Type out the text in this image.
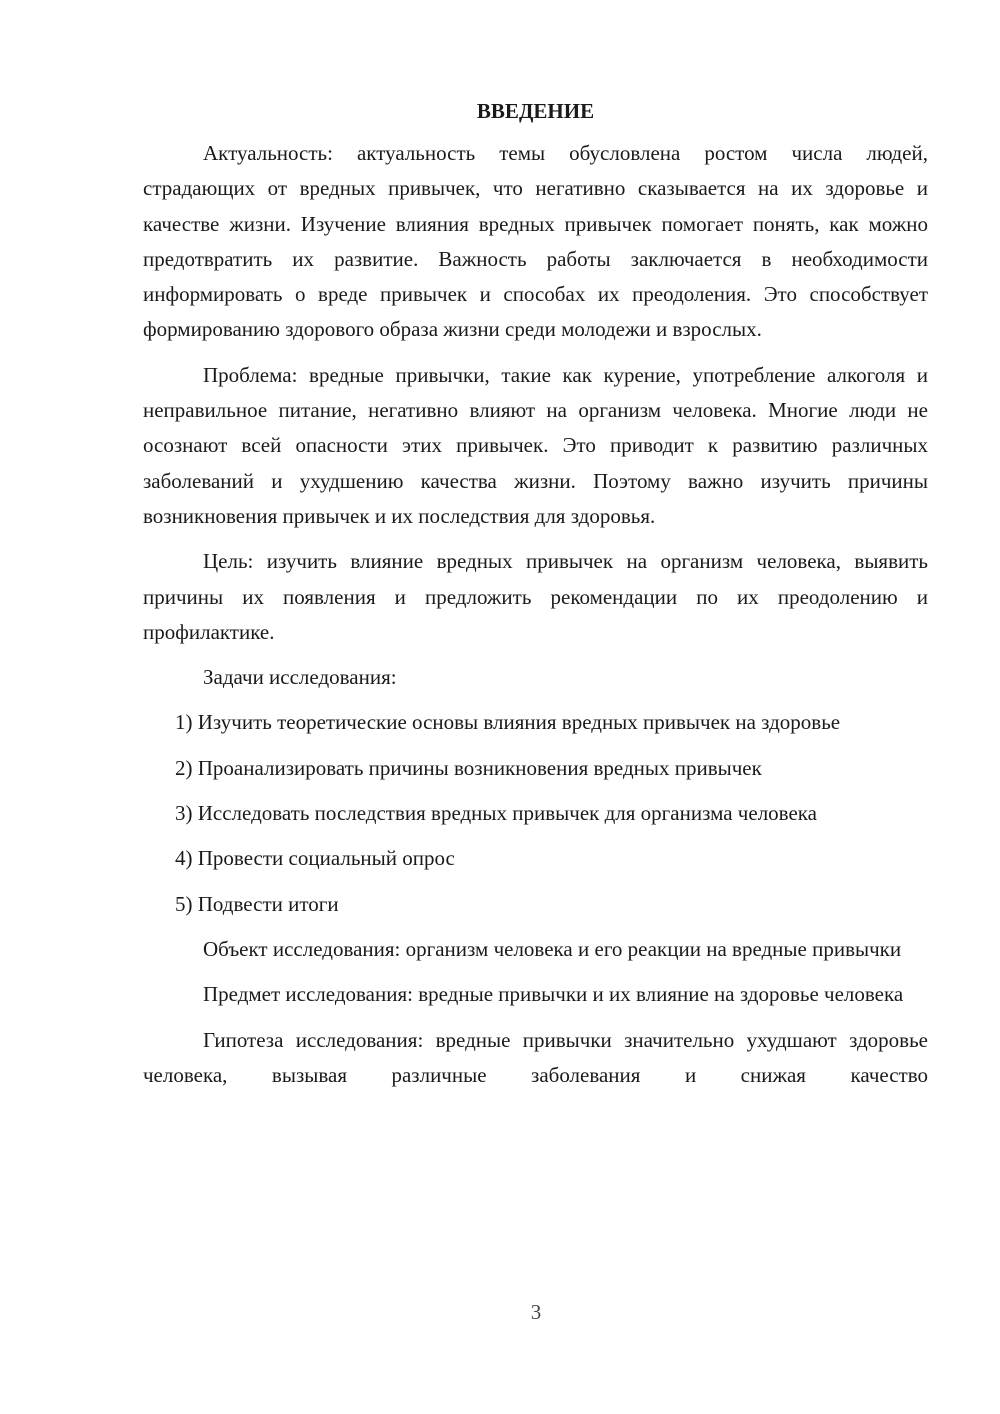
ВВЕДЕНИЕ

Актуальность: актуальность темы обусловлена ростом числа людей, страдающих от вредных привычек, что негативно сказывается на их здоровье и качестве жизни. Изучение влияния вредных привычек помогает понять, как можно предотвратить их развитие. Важность работы заключается в необходимости информировать о вреде привычек и способах их преодоления. Это способствует формированию здорового образа жизни среди молодежи и взрослых.

Проблема: вредные привычки, такие как курение, употребление алкоголя и неправильное питание, негативно влияют на организм человека. Многие люди не осознают всей опасности этих привычек. Это приводит к развитию различных заболеваний и ухудшению качества жизни. Поэтому важно изучить причины возникновения привычек и их последствия для здоровья.

Цель: изучить влияние вредных привычек на организм человека, выявить причины их появления и предложить рекомендации по их преодолению и профилактике.

Задачи исследования:

1) Изучить теоретические основы влияния вредных привычек на здоровье

2) Проанализировать причины возникновения вредных привычек

3) Исследовать последствия вредных привычек для организма человека

4) Провести социальный опрос

5) Подвести итоги

Объект исследования: организм человека и его реакции на вредные привычки

Предмет исследования: вредные привычки и их влияние на здоровье человека

Гипотеза исследования: вредные привычки значительно ухудшают здоровье человека, вызывая различные заболевания и снижая качество

3
